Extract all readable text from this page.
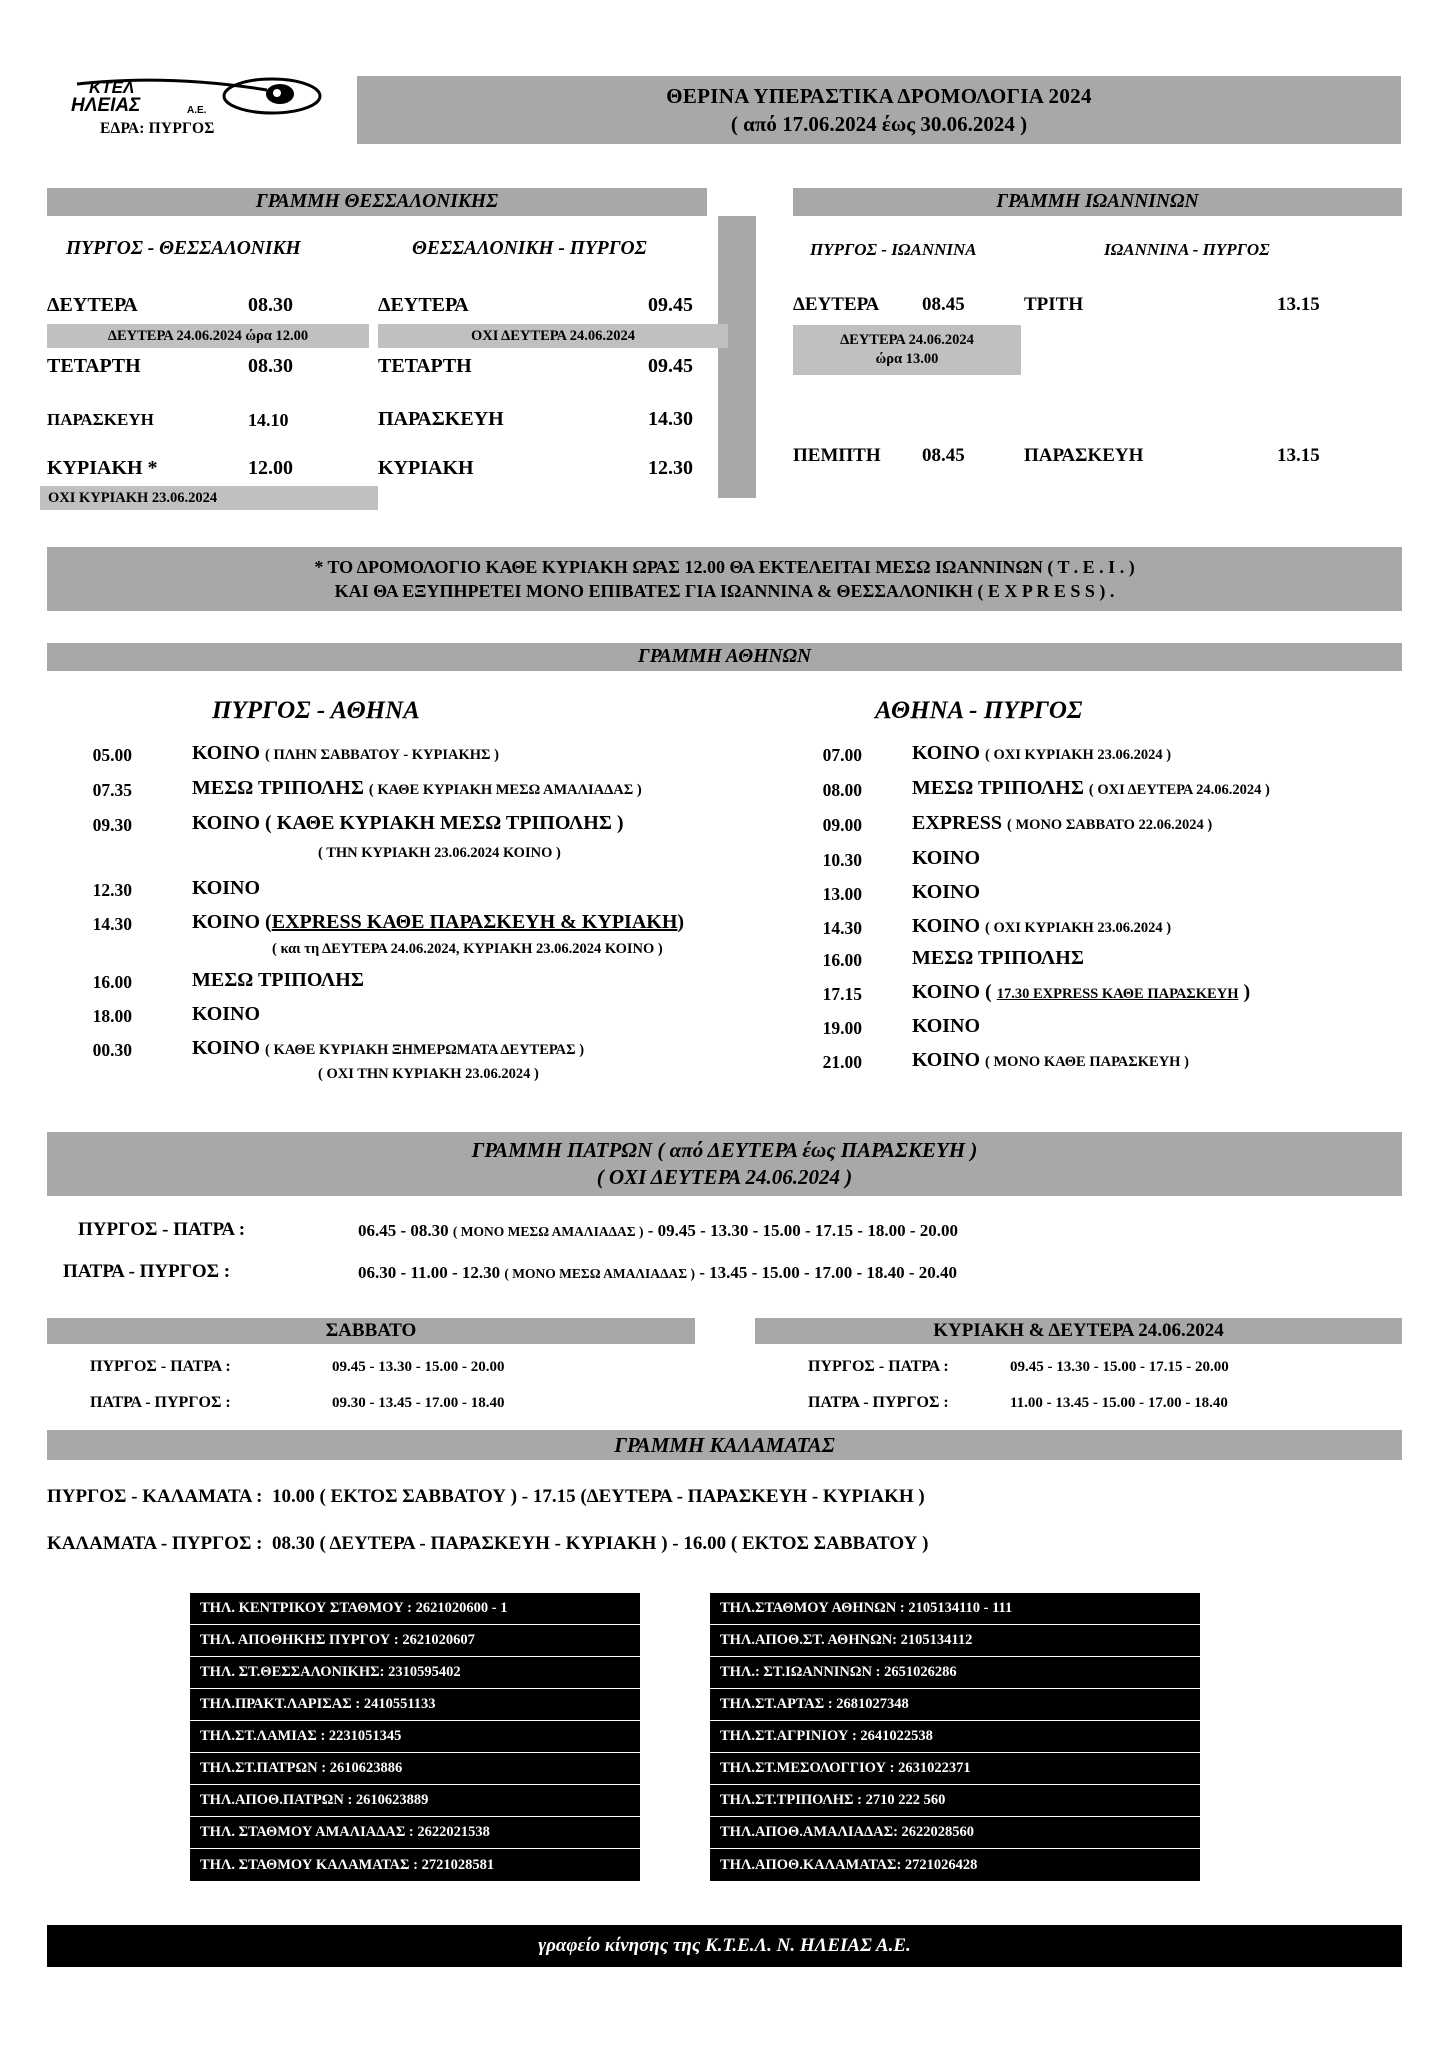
KTEΛ
ΗΛΕΙΑΣ	Α.Ε.
ΕΔΡΑ: ΠΥΡΓΟΣ
ΘΕΡΙΝΑ ΥΠΕΡΑΣΤΙΚΑ ΔΡΟΜΟΛΟΓΙΑ 2024
( από 17.06.2024 έως 30.06.2024 )
ΓΡΑΜΜΗ ΘΕΣΣΑΛΟΝΙΚΗΣ
ΠΥΡΓΟΣ - ΘΕΣΣΑΛΟΝΙΚΗ	ΘΕΣΣΑΛΟΝΙΚΗ - ΠΥΡΓΟΣ
ΔΕΥΤΕΡΑ	08.30
ΔΕΥΤΕΡΑ 24.06.2024 ώρα 12.00
ΤΕΤΑΡΤΗ	08.30
ΠΑΡΑΣΚΕΥΗ	14.10
ΚΥΡΙΑΚΗ *	12.00
ΟΧΙ ΚΥΡΙΑΚΗ 23.06.2024
ΔΕΥΤΕΡΑ	09.45
ΟΧΙ ΔΕΥΤΕΡΑ 24.06.2024
ΤΕΤΑΡΤΗ	09.45
ΠΑΡΑΣΚΕΥΗ	14.30
ΚΥΡΙΑΚΗ	12.30
ΓΡΑΜΜΗ ΙΩΑΝΝΙΝΩΝ
ΠΥΡΓΟΣ - ΙΩΑΝΝΙΝΑ	ΙΩΑΝΝΙΝΑ - ΠΥΡΓΟΣ
ΔΕΥΤΕΡΑ 08.45	ΤΡΙΤΗ	13.15
ΔΕΥΤΕΡΑ 24.06.2024
ώρα 13.00
ΠΕΜΠΤΗ 08.45	ΠΑΡΑΣΚΕΥΗ	13.15
* ΤΟ ΔΡΟΜΟΛΟΓΙΟ ΚΑΘΕ ΚΥΡΙΑΚΗ ΩΡΑΣ 12.00 ΘΑ ΕΚΤΕΛΕΙΤΑΙ ΜΕΣΩ ΙΩΑΝΝΙΝΩΝ ( Τ . Ε . Ι . )
ΚΑΙ ΘΑ ΕΞΥΠΗΡΕΤΕΙ ΜΟΝΟ ΕΠΙΒΑΤΕΣ ΓΙΑ ΙΩΑΝΝΙΝΑ & ΘΕΣΣΑΛΟΝΙΚΗ ( Ε Χ Ρ R Ε S S ) .
ΓΡΑΜΜΗ ΑΘΗΝΩΝ
ΠΥΡΓΟΣ - ΑΘΗΝΑ	ΑΘΗΝΑ - ΠΥΡΓΟΣ
05.00	ΚΟΙΝΟ ( ΠΛΗΝ ΣΑΒΒΑΤΟΥ - ΚΥΡΙΑΚΗΣ )
07.35	ΜΕΣΩ ΤΡΙΠΟΛΗΣ ( ΚΑΘΕ ΚΥΡΙΑΚΗ ΜΕΣΩ ΑΜΑΛΙΑΔΑΣ )
09.30	ΚΟΙΝΟ ( ΚΑΘΕ ΚΥΡΙΑΚΗ ΜΕΣΩ ΤΡΙΠΟΛΗΣ )
( ΤΗΝ ΚΥΡΙΑΚΗ 23.06.2024 ΚΟΙΝΟ )
12.30	ΚΟΙΝΟ
14.30	ΚΟΙΝΟ (EXPRESS ΚΑΘΕ ΠΑΡΑΣΚΕΥΗ & ΚΥΡΙΑΚΗ)
( και τη ΔΕΥΤΕΡΑ 24.06.2024, ΚΥΡΙΑΚΗ 23.06.2024 ΚΟΙΝΟ )
16.00	ΜΕΣΩ ΤΡΙΠΟΛΗΣ
18.00	ΚΟΙΝΟ
00.30	ΚΟΙΝΟ ( ΚΑΘΕ ΚΥΡΙΑΚΗ ΞΗΜΕΡΩΜΑΤΑ ΔΕΥΤΕΡΑΣ )
( ΟΧΙ ΤΗΝ ΚΥΡΙΑΚΗ 23.06.2024 )
07.00	ΚΟΙΝΟ ( ΟΧΙ ΚΥΡΙΑΚΗ 23.06.2024 )
08.00	ΜΕΣΩ ΤΡΙΠΟΛΗΣ ( ΟΧΙ ΔΕΥΤΕΡΑ 24.06.2024 )
09.00	EXPRESS ( ΜΟΝΟ ΣΑΒΒΑΤΟ 22.06.2024 )
10.30	ΚΟΙΝΟ
13.00	ΚΟΙΝΟ
14.30	ΚΟΙΝΟ ( ΟΧΙ ΚΥΡΙΑΚΗ 23.06.2024 )
16.00	ΜΕΣΩ ΤΡΙΠΟΛΗΣ
17.15	ΚΟΙΝΟ ( 17.30 EXPRESS ΚΑΘΕ ΠΑΡΑΣΚΕΥΗ )
19.00	ΚΟΙΝΟ
21.00	ΚΟΙΝΟ ( ΜΟΝΟ ΚΑΘΕ ΠΑΡΑΣΚΕΥΗ )
ΓΡΑΜΜΗ ΠΑΤΡΩΝ ( από ΔΕΥΤΕΡΑ έως ΠΑΡΑΣΚΕΥΗ )
( ΟΧΙ ΔΕΥΤΕΡΑ 24.06.2024 )
ΠΥΡΓΟΣ - ΠΑΤΡΑ :	06.45 - 08.30 ( ΜΟΝΟ ΜΕΣΩ ΑΜΑΛΙΑΔΑΣ ) - 09.45 - 13.30 - 15.00 - 17.15 - 18.00 - 20.00
ΠΑΤΡΑ - ΠΥΡΓΟΣ :	06.30 - 11.00 - 12.30 ( ΜΟΝΟ ΜΕΣΩ ΑΜΑΛΙΑΔΑΣ ) - 13.45 - 15.00 - 17.00 - 18.40 - 20.40
ΣΑΒΒΑΤΟ
ΠΥΡΓΟΣ - ΠΑΤΡΑ :	09.45 - 13.30 - 15.00 - 20.00
ΠΑΤΡΑ - ΠΥΡΓΟΣ :	09.30 - 13.45 - 17.00 - 18.40
ΚΥΡΙΑΚΗ & ΔΕΥΤΕΡΑ 24.06.2024
ΠΥΡΓΟΣ - ΠΑΤΡΑ :	09.45 - 13.30 - 15.00 - 17.15 - 20.00
ΠΑΤΡΑ - ΠΥΡΓΟΣ :	11.00 - 13.45 - 15.00 - 17.00 - 18.40
ΓΡΑΜΜΗ ΚΑΛΑΜΑΤΑΣ
ΠΥΡΓΟΣ - ΚΑΛΑΜΑΤΑ : 10.00 ( ΕΚΤΟΣ ΣΑΒΒΑΤΟΥ ) - 17.15 (ΔΕΥΤΕΡΑ - ΠΑΡΑΣΚΕΥΗ - ΚΥΡΙΑΚΗ )
ΚΑΛΑΜΑΤΑ - ΠΥΡΓΟΣ : 08.30 ( ΔΕΥΤΕΡΑ - ΠΑΡΑΣΚΕΥΗ - ΚΥΡΙΑΚΗ ) - 16.00 ( ΕΚΤΟΣ ΣΑΒΒΑΤΟΥ )
ΤΗΛ. ΚΕΝΤΡΙΚΟΥ ΣΤΑΘΜΟΥ : 2621020600 - 1
ΤΗΛ. ΑΠΟΘΗΚΗΣ ΠΥΡΓΟΥ : 2621020607
ΤΗΛ. ΣΤ.ΘΕΣΣΑΛΟΝΙΚΗΣ: 2310595402
ΤΗΛ.ΠΡΑΚΤ.ΛΑΡΙΣΑΣ : 2410551133
ΤΗΛ.ΣΤ.ΛΑΜΙΑΣ : 2231051345
ΤΗΛ.ΣΤ.ΠΑΤΡΩΝ : 2610623886
ΤΗΛ.ΑΠΟΘ.ΠΑΤΡΩΝ : 2610623889
ΤΗΛ. ΣΤΑΘΜΟΥ ΑΜΑΛΙΑΔΑΣ : 2622021538
ΤΗΛ. ΣΤΑΘΜΟΥ ΚΑΛΑΜΑΤΑΣ : 2721028581
ΤΗΛ.ΣΤΑΘΜΟΥ ΑΘΗΝΩΝ : 2105134110 - 111
ΤΗΛ.ΑΠΟΘ.ΣΤ. ΑΘΗΝΩΝ: 2105134112
ΤΗΛ.: ΣΤ.ΙΩΑΝΝΙΝΩΝ : 2651026286
ΤΗΛ.ΣΤ.ΑΡΤΑΣ : 2681027348
ΤΗΛ.ΣΤ.ΑΓΡΙΝΙΟΥ : 2641022538
ΤΗΛ.ΣΤ.ΜΕΣΟΛΟΓΓΙΟΥ : 2631022371
ΤΗΛ.ΣΤ.ΤΡΙΠΟΛΗΣ : 2710 222 560
ΤΗΛ.ΑΠΟΘ.ΑΜΑΛΙΑΔΑΣ: 2622028560
ΤΗΛ.ΑΠΟΘ.ΚΑΛΑΜΑΤΑΣ: 2721026428
γραφείο κίνησης της Κ.Τ.Ε.Λ. Ν. ΗΛΕΙΑΣ Α.Ε.
